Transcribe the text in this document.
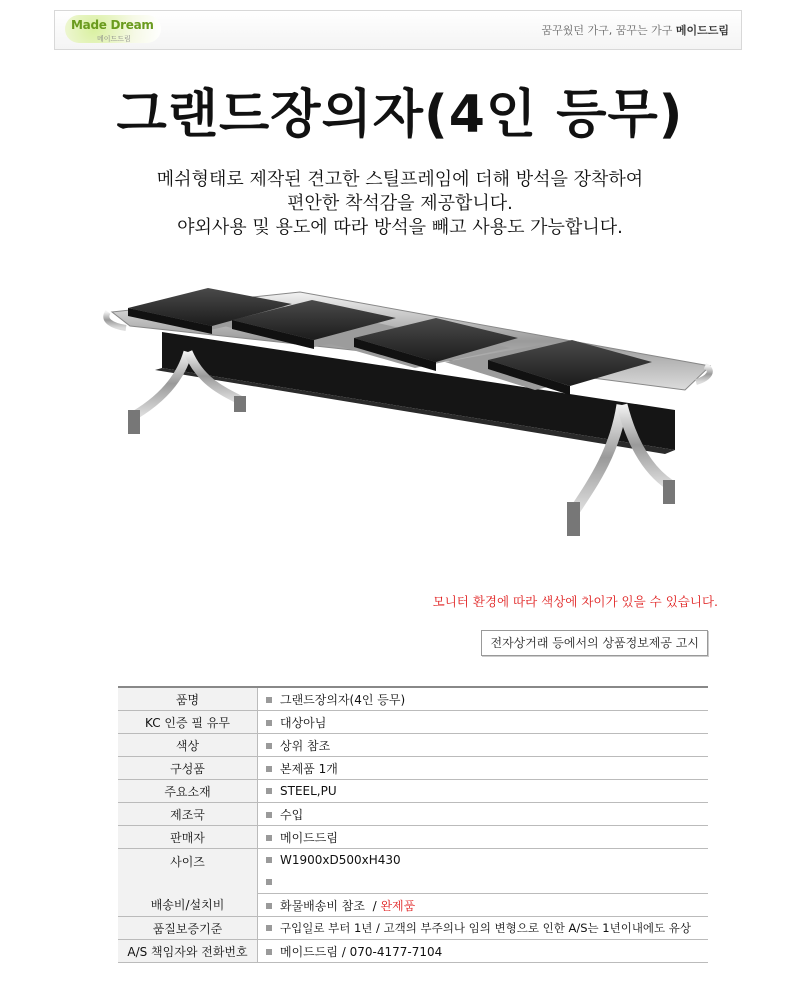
Made Dream
메이드드림
꿈꾸웠던 가구, 꿈꾸는 가구 메이드드림
그랜드장의자(4인 등무)
메쉬형태로 제작된 견고한 스틸프레임에 더해 방석을 장착하여
편안한 착석감을 제공합니다.
야외사용 및 용도에 따라 방석을 빼고 사용도 가능합니다.
모니터 환경에 따라 색상에 차이가 있을 수 있습니다.
전자상거래 등에서의 상품정보제공 고시
품명	그랜드장의자(4인 등무)
KC 인증 필 유무	대상아님
색상	상위 참조
구성품	본제품 1개
주요소재	STEEL,PU
제조국	수입
판매자	메이드드림
사이즈	W1900xD500xH430

배송비/설치비	화물배송비 참조  / 완제품
품질보증기준	구입일로 부터 1년 / 고객의 부주의나 임의 변형으로 인한 A/S는 1년이내에도 유상
A/S 책임자와 전화번호	메이드드림 / 070-4177-7104
